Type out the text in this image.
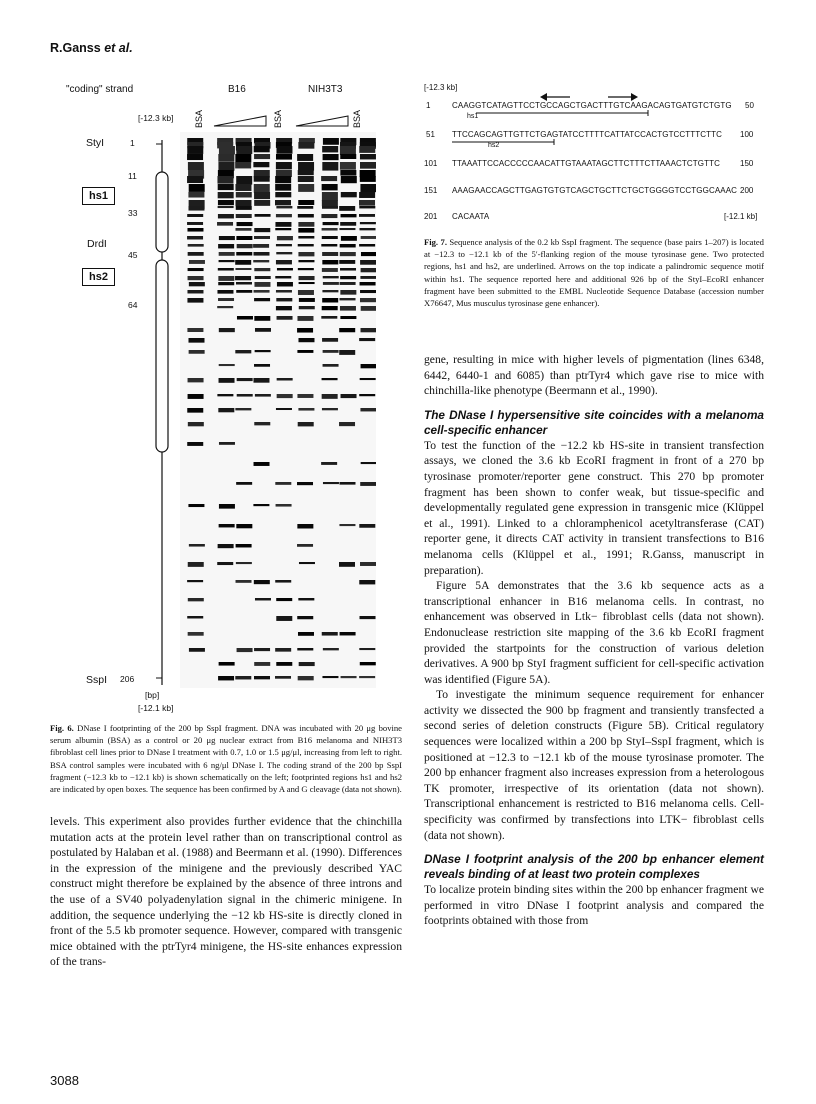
R.Ganss et al.
"coding" strand	B16	NIH3T3
[-12.3 kb] BSA	BSA	BSA
StyI
DrdI
SspI
1
11
33
45
64
206
[bp]
[-12.1 kb]
hs1
hs2
Fig. 6. DNase I footprinting of the 200 bp SspI fragment. DNA was incubated with 20 μg bovine serum albumin (BSA) as a control or 20 μg nuclear extract from B16 melanoma and NIH3T3 fibroblast cell lines prior to DNase I treatment with 0.7, 1.0 or 1.5 μg/μl, increasing from left to right. BSA control samples were incubated with 6 ng/μl DNase I. The coding strand of the 200 bp SspI fragment (−12.3 kb to −12.1 kb) is shown schematically on the left; footprinted regions hs1 and hs2 are indicated by open boxes. The sequence has been confirmed by A and G cleavage (data not shown).

levels. This experiment also provides further evidence that the chinchilla mutation acts at the protein level rather than on transcriptional control as postulated by Halaban et al. (1988) and Beermann et al. (1990). Differences in the expression of the minigene and the previously described YAC construct might therefore be explained by the absence of three introns and the use of a SV40 polyadenylation signal in the chimeric minigene. In addition, the sequence underlying the −12 kb HS-site is directly cloned in front of the 5.5 kb promoter sequence. However, compared with transgenic mice obtained with the ptrTyr4 minigene, the HS-site enhances expression of the trans-

[-12.3 kb]
1	CAAGGTCATAGTTCCTGCCAGCTGACTTTGTCAAGACAGTGATGTCTGTG 50
hs1
51 TTCCAGCAGTTGTTCTGAGTATCCTTTTCATTATCCACTGTCCTTTCTTC 100
hs2
101 TTAAATTCCACCCCCAACATTGTAAATAGCTTCTTTCTTAAACTCTGTTC	150
151 AAAGAACCAGCTTGAGTGTGTCAGCTGCTTCTGCTGGGGTCCTGGCAAAC 200
201 CACAATA	[-12.1 kb]
Fig. 7. Sequence analysis of the 0.2 kb SspI fragment. The sequence (base pairs 1–207) is located at −12.3 to −12.1 kb of the 5′-flanking region of the mouse tyrosinase gene. Two protected regions, hs1 and hs2, are underlined. Arrows on the top indicate a palindromic sequence motif within hs1. The sequence reported here and additional 926 bp of the StyI–EcoRI enhancer fragment have been submitted to the EMBL Nucleotide Sequence Database (accession number X76647, Mus musculus tyrosinase gene enhancer).

gene, resulting in mice with higher levels of pigmentation (lines 6348, 6442, 6440-1 and 6085) than ptrTyr4 which gave rise to mice with chinchilla-like phenotype (Beermann et al., 1990).

The DNase I hypersensitive site coincides with a melanoma cell-specific enhancer

To test the function of the −12.2 kb HS-site in transient transfection assays, we cloned the 3.6 kb EcoRI fragment in front of a 270 bp tyrosinase promoter/reporter gene construct. This 270 bp promoter fragment has been shown to confer weak, but tissue-specific and developmentally regulated gene expression in transgenic mice (Klüppel et al., 1991). Linked to a chloramphenicol acetyltransferase (CAT) reporter gene, it directs CAT activity in transient transfections to B16 melanoma cells (Klüppel et al., 1991; R.Ganss, manuscript in preparation).

Figure 5A demonstrates that the 3.6 kb sequence acts as a transcriptional enhancer in B16 melanoma cells. In contrast, no enhancement was observed in Ltk− fibroblast cells (data not shown). Endonuclease restriction site mapping of the 3.6 kb EcoRI fragment provided the startpoints for the construction of various deletion derivatives. A 900 bp StyI fragment sufficient for cell-specific activation was identified (Figure 5A).

To investigate the minimum sequence requirement for enhancer activity we dissected the 900 bp fragment and transiently transfected a second series of deletion constructs (Figure 5B). Critical regulatory sequences were localized within a 200 bp StyI–SspI fragment, which is positioned at −12.3 to −12.1 kb of the mouse tyrosinase promoter. The 200 bp enhancer fragment also increases expression from a heterologous TK promoter, irrespective of its orientation (data not shown). Transcriptional enhancement is restricted to B16 melanoma cells. Cell-specificity was confirmed by transfections into LTK− fibroblast cells (data not shown).

DNase I footprint analysis of the 200 bp enhancer element reveals binding of at least two protein complexes

To localize protein binding sites within the 200 bp enhancer fragment we performed in vitro DNase I footprint analysis and compared the footprints obtained with those from

3088
